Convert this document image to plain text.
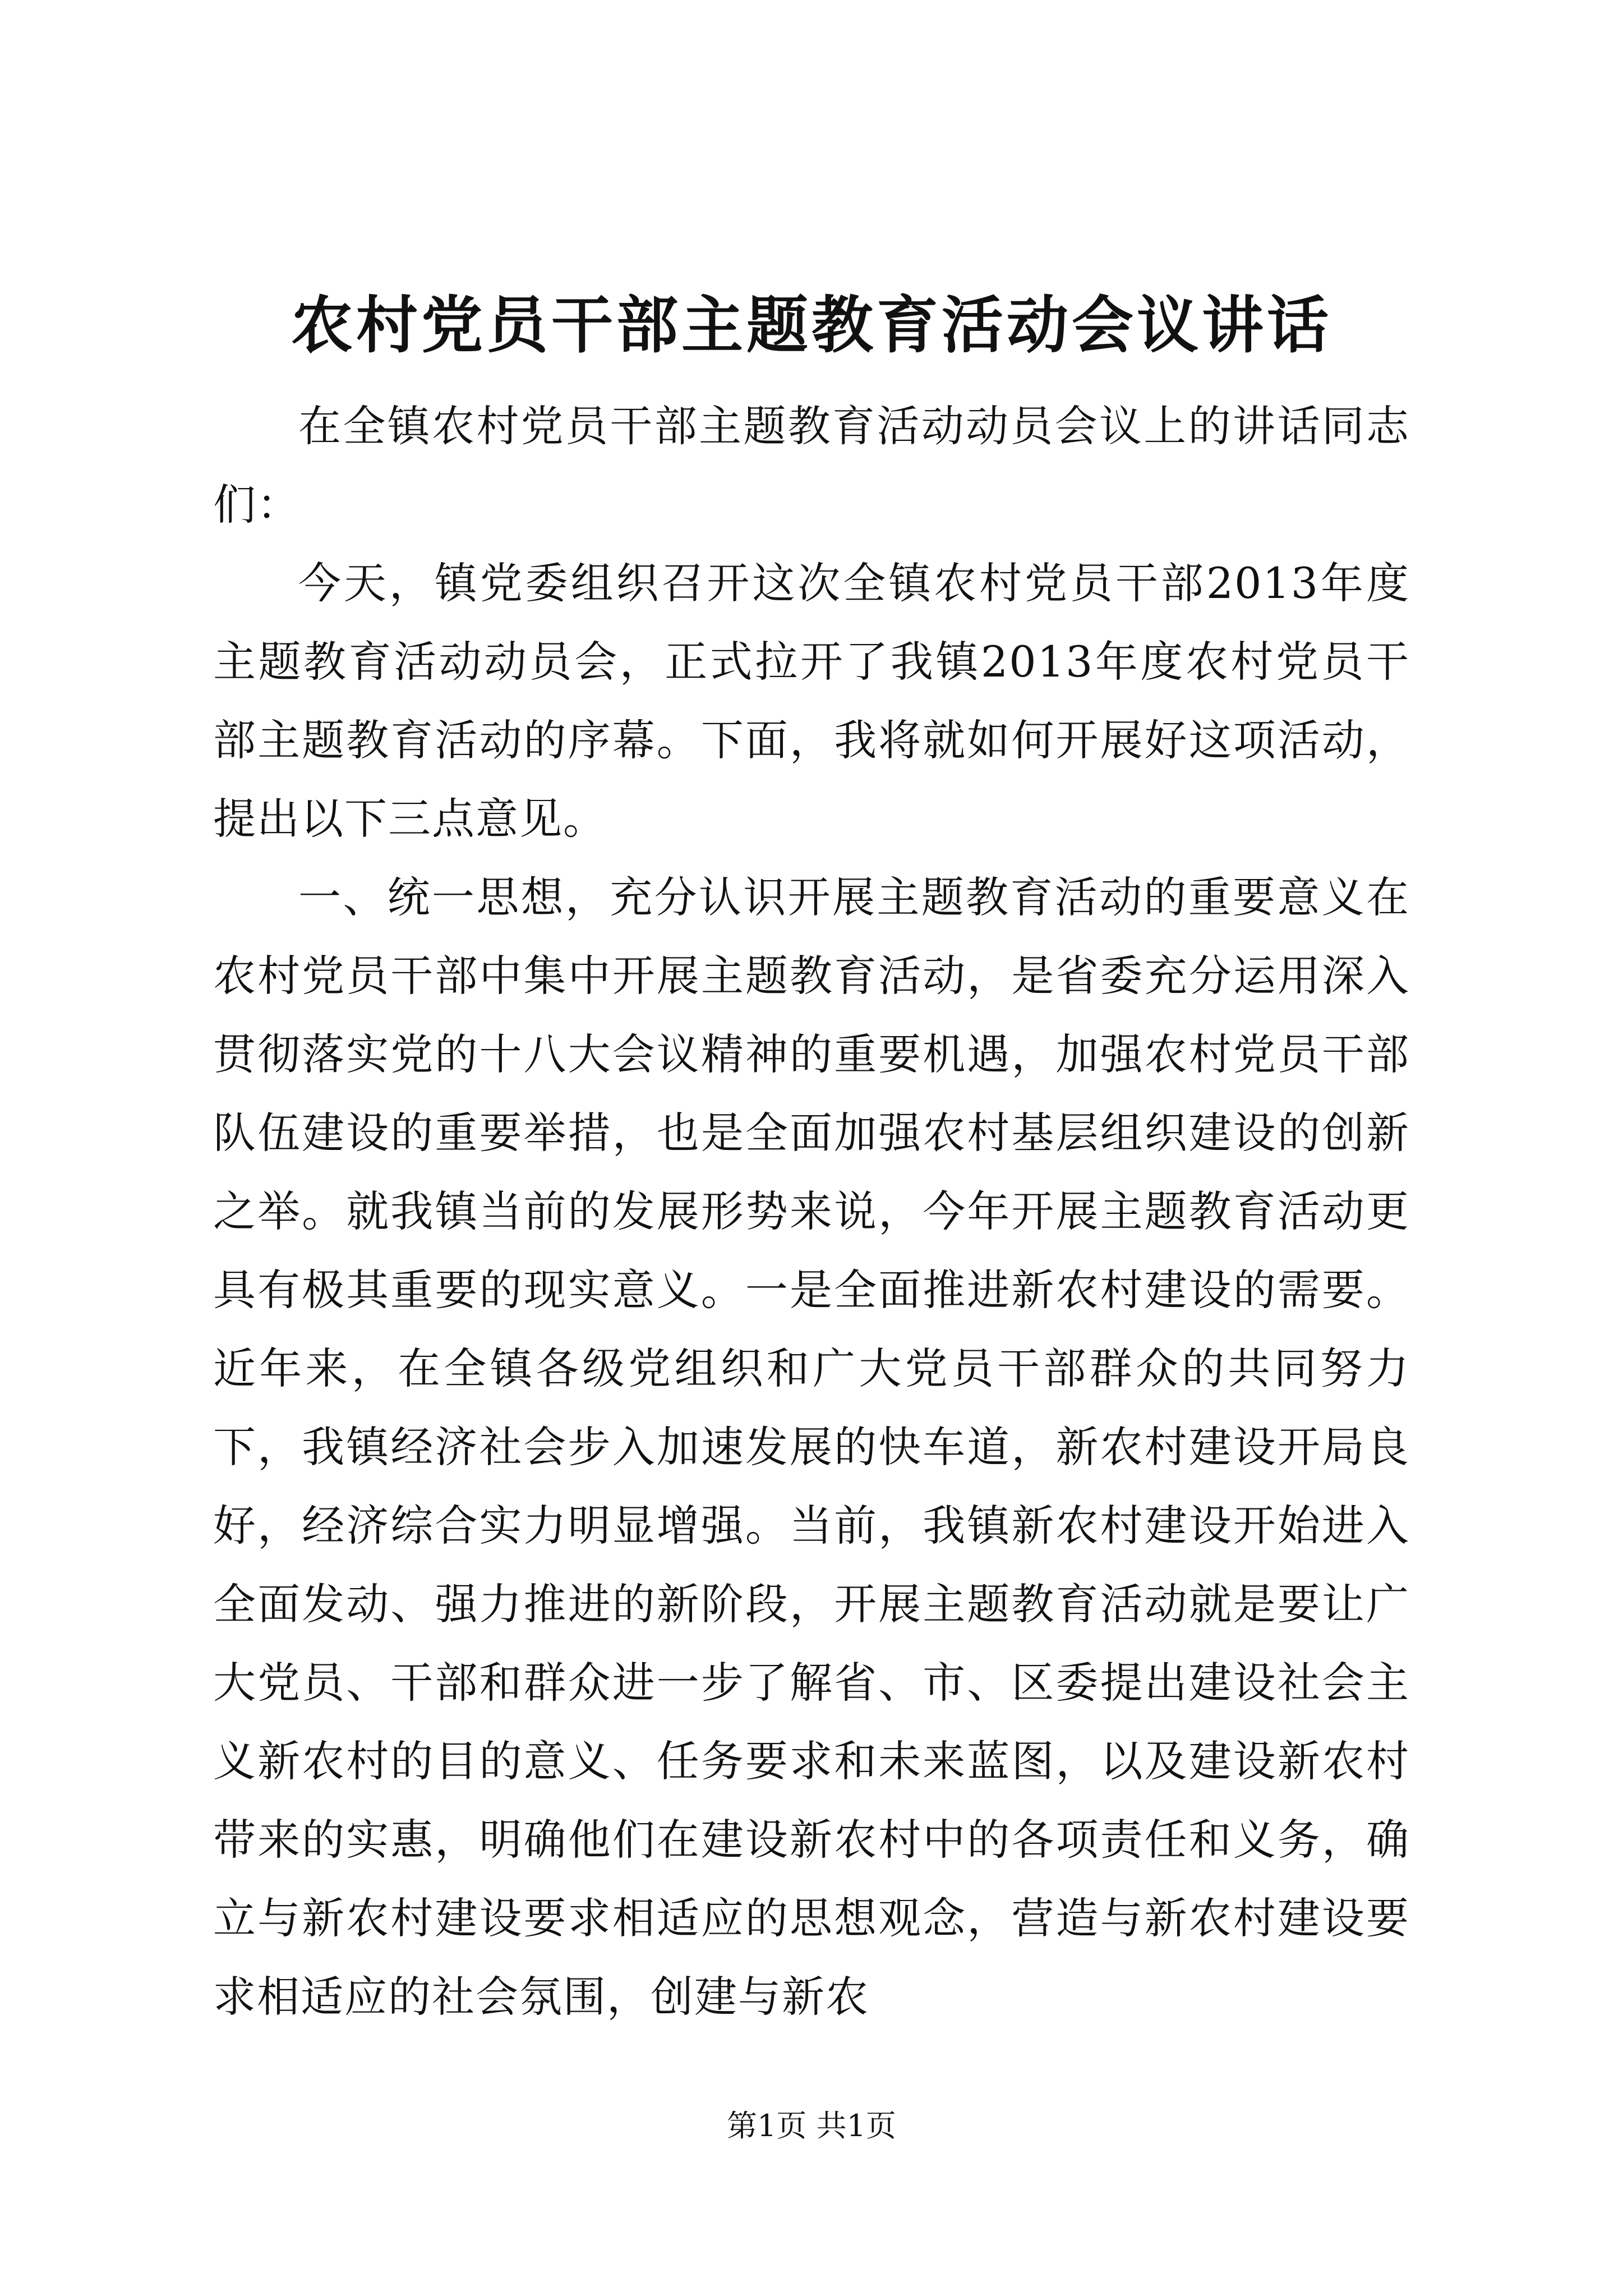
农村党员干部主题教育活动会议讲话

在全镇农村党员干部主题教育活动动员会议上的讲话同志们：

今天，镇党委组织召开这次全镇农村党员干部2013年度主题教育活动动员会，正式拉开了我镇2013年度农村党员干部主题教育活动的序幕。下面，我将就如何开展好这项活动，提出以下三点意见。

一、统一思想，充分认识开展主题教育活动的重要意义在农村党员干部中集中开展主题教育活动，是省委充分运用深入贯彻落实党的十八大会议精神的重要机遇，加强农村党员干部队伍建设的重要举措，也是全面加强农村基层组织建设的创新之举。就我镇当前的发展形势来说，今年开展主题教育活动更具有极其重要的现实意义。一是全面推进新农村建设的需要。近年来，在全镇各级党组织和广大党员干部群众的共同努力下，我镇经济社会步入加速发展的快车道，新农村建设开局良好，经济综合实力明显增强。当前，我镇新农村建设开始进入全面发动、强力推进的新阶段，开展主题教育活动就是要让广大党员、干部和群众进一步了解省、市、区委提出建设社会主义新农村的目的意义、任务要求和未来蓝图，以及建设新农村带来的实惠，明确他们在建设新农村中的各项责任和义务，确立与新农村建设要求相适应的思想观念，营造与新农村建设要求相适应的社会氛围，创建与新农

第1页 共1页
